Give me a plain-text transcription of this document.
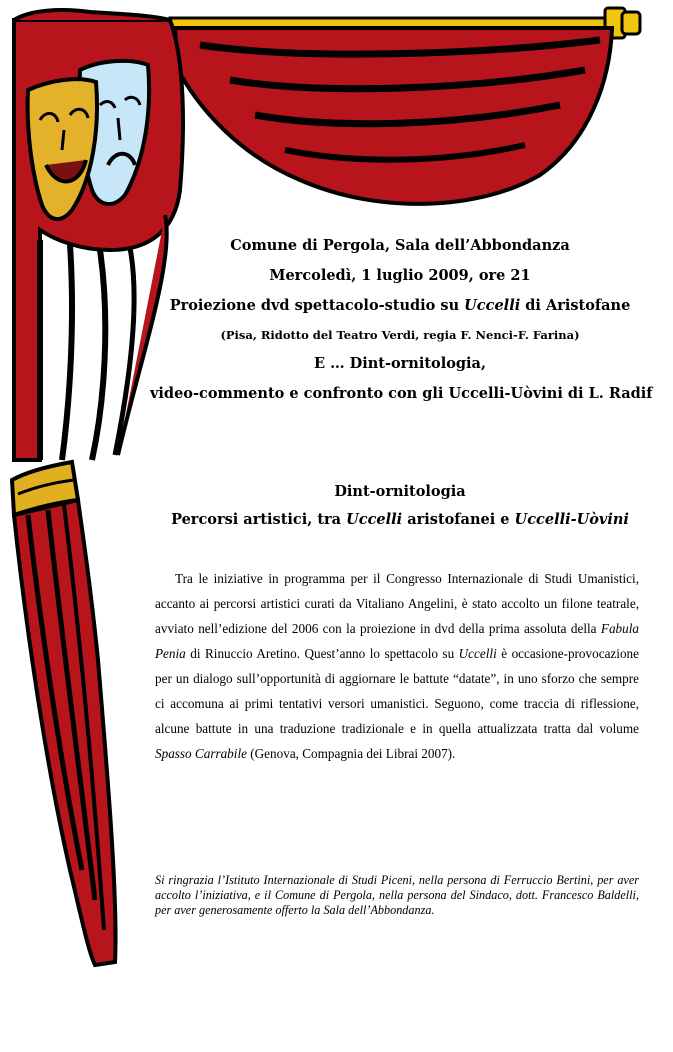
Comune di Pergola, Sala dell’Abbondanza
Mercoledì, 1 luglio 2009, ore 21
Proiezione dvd spettacolo-studio su Uccelli di Aristofane
(Pisa, Ridotto del Teatro Verdi, regia F. Nenci-F. Farina)
E … Dint-ornitologia,
video-commento e confronto con gli Uccelli-Uòvini di L. Radif
Dint-ornitologia
Percorsi artistici, tra Uccelli aristofanei e Uccelli-Uòvini
Tra le iniziative in programma per il Congresso Internazionale di Studi Umanistici, accanto ai percorsi artistici curati da Vitaliano Angelini, è stato accolto un filone teatrale, avviato nell’edizione del 2006 con la proiezione in dvd della prima assoluta della Fabula Penia di Rinuccio Aretino. Quest’anno lo spettacolo su Uccelli è occasione-provocazione per un dialogo sull’opportunità di aggiornare le battute “datate”, in uno sforzo che sempre ci accomuna ai primi tentativi versori umanistici. Seguono, come traccia di riflessione, alcune battute in una traduzione tradizionale e in quella attualizzata tratta dal volume Spasso Carrabile (Genova, Compagnia dei Librai 2007).
Si ringrazia l’Istituto Internazionale di Studi Piceni, nella persona di Ferruccio Bertini, per aver accolto l’iniziativa, e il Comune di Pergola, nella persona del Sindaco, dott. Francesco Baldelli, per aver generosamente offerto la Sala dell’Abbondanza.
